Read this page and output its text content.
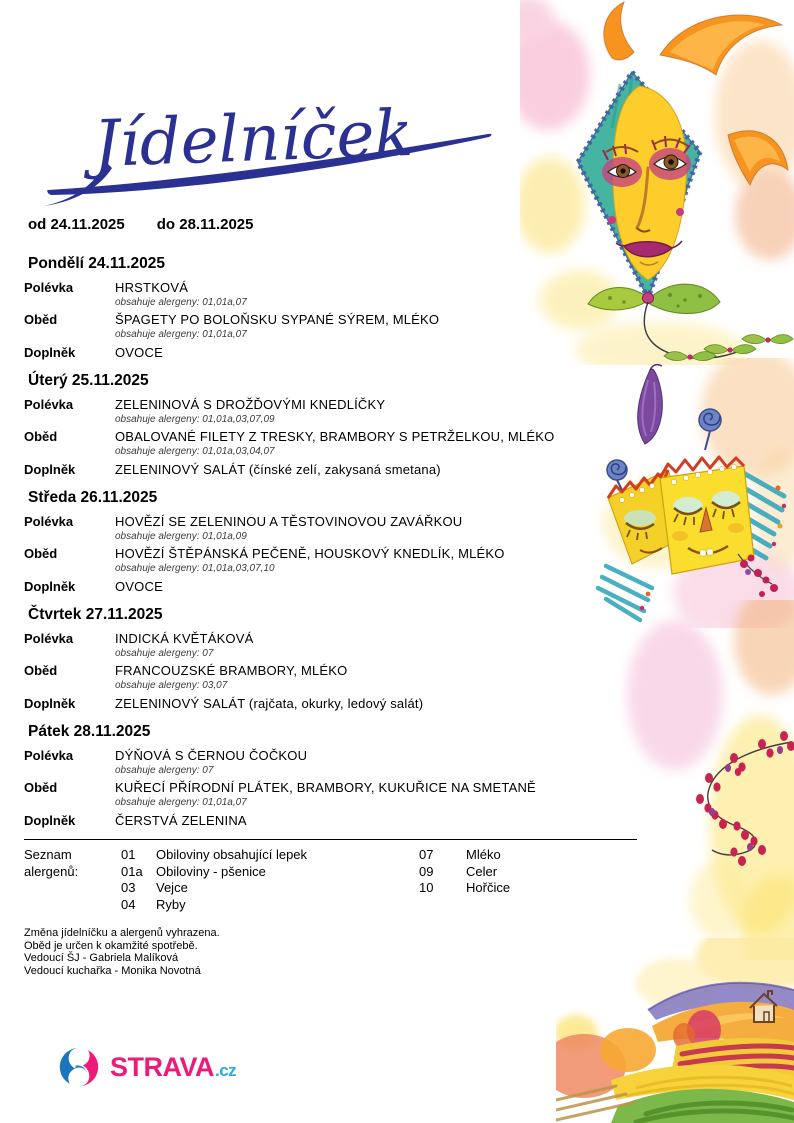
Jídelníček
od 24.11.2025 do 28.11.2025
Pondělí 24.11.2025
Polévka	HRSTKOVÁ
obsahuje alergeny: 01,01a,07
Oběd	ŠPAGETY PO BOLOŇSKU SYPANÉ SÝREM, MLÉKO
obsahuje alergeny: 01,01a,07
Doplněk	OVOCE
Úterý 25.11.2025
Polévka	ZELENINOVÁ S DROŽĎOVÝMI KNEDLÍČKY
obsahuje alergeny: 01,01a,03,07,09
Oběd	OBALOVANÉ FILETY Z TRESKY, BRAMBORY S PETRŽELKOU, MLÉKO
obsahuje alergeny: 01,01a,03,04,07
Doplněk	ZELENINOVÝ SALÁT (čínské zelí, zakysaná smetana)
Středa 26.11.2025
Polévka	HOVĚZÍ SE ZELENINOU A TĚSTOVINOVOU ZAVÁŘKOU
obsahuje alergeny: 01,01a,09
Oběd	HOVĚZÍ ŠTĚPÁNSKÁ PEČENĚ, HOUSKOVÝ KNEDLÍK, MLÉKO
obsahuje alergeny: 01,01a,03,07,10
Doplněk	OVOCE
Čtvrtek 27.11.2025
Polévka	INDICKÁ KVĚTÁKOVÁ
obsahuje alergeny: 07
Oběd	FRANCOUZSKÉ BRAMBORY, MLÉKO
obsahuje alergeny: 03,07
Doplněk	ZELENINOVÝ SALÁT (rajčata, okurky, ledový salát)
Pátek 28.11.2025
Polévka	DÝŇOVÁ S ČERNOU ČOČKOU
obsahuje alergeny: 07
Oběd	KUŘECÍ PŘÍRODNÍ PLÁTEK, BRAMBORY, KUKUŘICE NA SMETANĚ
obsahuje alergeny: 01,01a,07
Doplněk	ČERSTVÁ ZELENINA
Seznam alergenů:
01	Obiloviny obsahující lepek
01a	Obiloviny - pšenice
03	Vejce
04	Ryby
07	Mléko
09	Celer
10	Hořčice
Změna jídelníčku a alergenů vyhrazena.
Oběd je určen k okamžité spotřebě.
Vedoucí ŠJ - Gabriela Malíková
Vedoucí kuchařka - Monika Novotná
STRAVA .cz
